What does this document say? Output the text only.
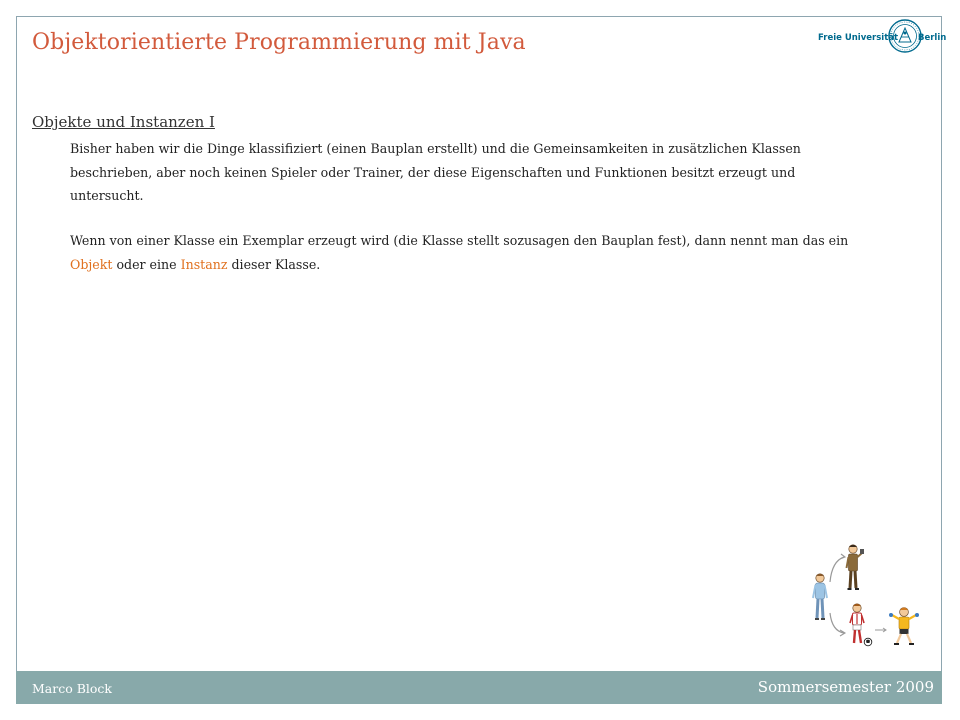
Objektorientierte Programmierung mit Java	Freie Universität Berlin
Objekte und Instanzen I

Bisher haben wir die Dinge klassifiziert (einen Bauplan erstellt) und die Gemeinsamkeiten in zusätzlichen Klassen beschrieben, aber noch keinen Spieler oder Trainer, der diese Eigenschaften und Funktionen besitzt erzeugt und untersucht.

Wenn von einer Klasse ein Exemplar erzeugt wird (die Klasse stellt sozusagen den Bauplan fest), dann nennt man das ein Objekt oder eine Instanz dieser Klasse.

Marco Block	Sommersemester 2009
